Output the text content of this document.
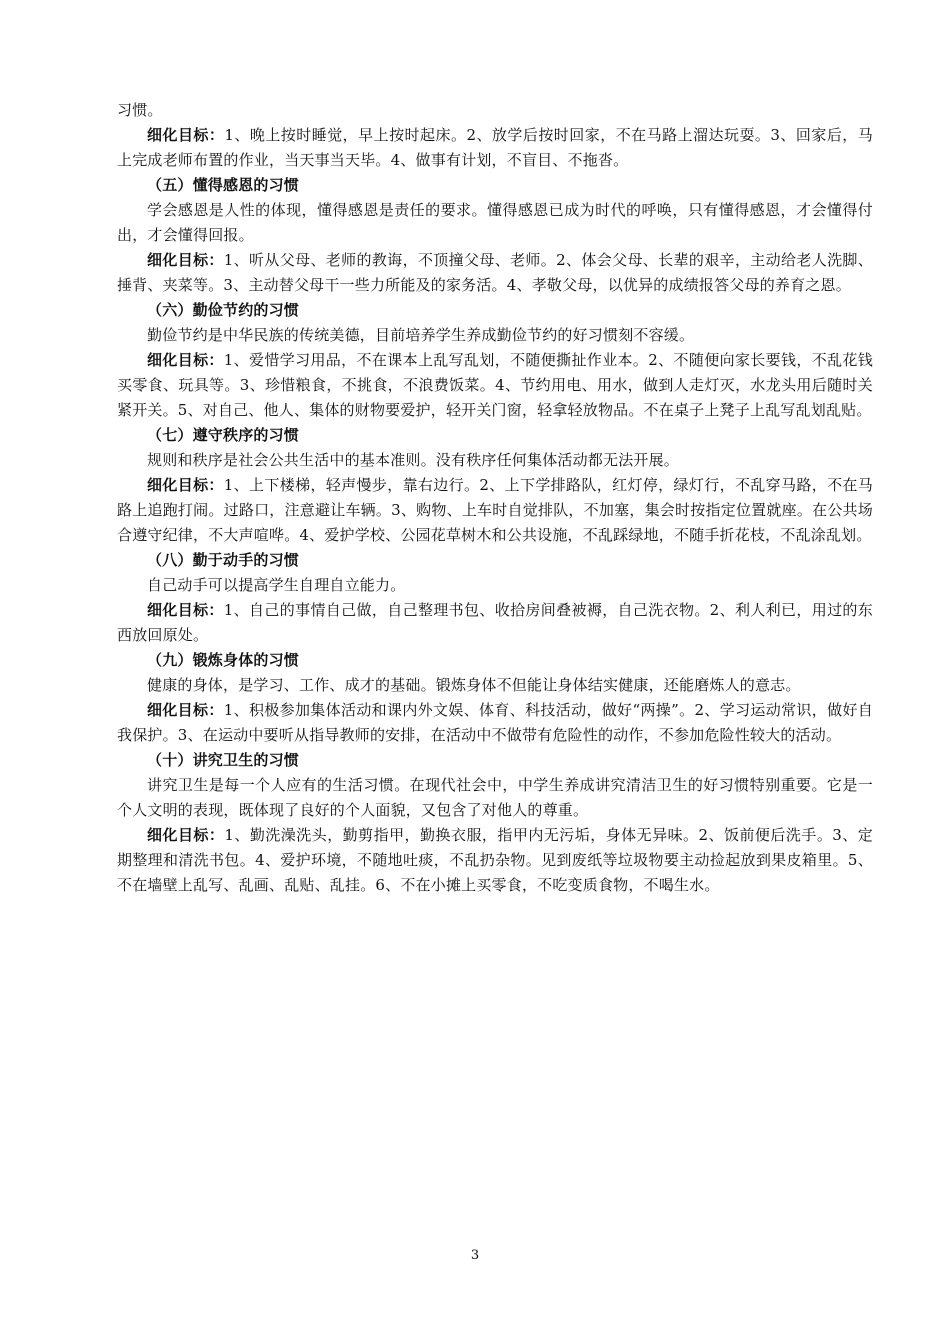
习惯。

细化目标：1、晚上按时睡觉，早上按时起床。2、放学后按时回家，不在马路上溜达玩耍。3、回家后，马上完成老师布置的作业，当天事当天毕。4、做事有计划，不盲目、不拖沓。

（五）懂得感恩的习惯

学会感恩是人性的体现，懂得感恩是责任的要求。懂得感恩已成为时代的呼唤，只有懂得感恩，才会懂得付出，才会懂得回报。

细化目标：1、听从父母、老师的教诲，不顶撞父母、老师。2、体会父母、长辈的艰辛，主动给老人洗脚、捶背、夹菜等。3、主动替父母干一些力所能及的家务活。4、孝敬父母，以优异的成绩报答父母的养育之恩。

（六）勤俭节约的习惯

勤俭节约是中华民族的传统美德，目前培养学生养成勤俭节约的好习惯刻不容缓。

细化目标：1、爱惜学习用品，不在课本上乱写乱划，不随便撕扯作业本。2、不随便向家长要钱，不乱花钱买零食、玩具等。3、珍惜粮食，不挑食，不浪费饭菜。4、节约用电、用水，做到人走灯灭，水龙头用后随时关紧开关。5、对自己、他人、集体的财物要爱护，轻开关门窗，轻拿轻放物品。不在桌子上凳子上乱写乱划乱贴。

（七）遵守秩序的习惯

规则和秩序是社会公共生活中的基本准则。没有秩序任何集体活动都无法开展。

细化目标：1、上下楼梯，轻声慢步，靠右边行。2、上下学排路队，红灯停，绿灯行，不乱穿马路，不在马路上追跑打闹。过路口，注意避让车辆。3、购物、上车时自觉排队，不加塞，集会时按指定位置就座。在公共场合遵守纪律，不大声喧哗。4、爱护学校、公园花草树木和公共设施，不乱踩绿地，不随手折花枝，不乱涂乱划。

（八）勤于动手的习惯

自己动手可以提高学生自理自立能力。

细化目标：1、自己的事情自己做，自己整理书包、收拾房间叠被褥，自己洗衣物。2、利人利已，用过的东西放回原处。

（九）锻炼身体的习惯

健康的身体，是学习、工作、成才的基础。锻炼身体不但能让身体结实健康，还能磨炼人的意志。

细化目标：1、积极参加集体活动和课内外文娱、体育、科技活动，做好“两操”。2、学习运动常识，做好自我保护。3、在运动中要听从指导教师的安排，在活动中不做带有危险性的动作，不参加危险性较大的活动。

（十）讲究卫生的习惯

讲究卫生是每一个人应有的生活习惯。在现代社会中，中学生养成讲究清洁卫生的好习惯特别重要。它是一个人文明的表现，既体现了良好的个人面貌，又包含了对他人的尊重。

细化目标：1、勤洗澡洗头，勤剪指甲，勤换衣服，指甲内无污垢，身体无异味。2、饭前便后洗手。3、定期整理和清洗书包。4、爱护环境，不随地吐痰，不乱扔杂物。见到废纸等垃圾物要主动捡起放到果皮箱里。5、不在墙壁上乱写、乱画、乱贴、乱挂。6、不在小摊上买零食，不吃变质食物，不喝生水。

3
